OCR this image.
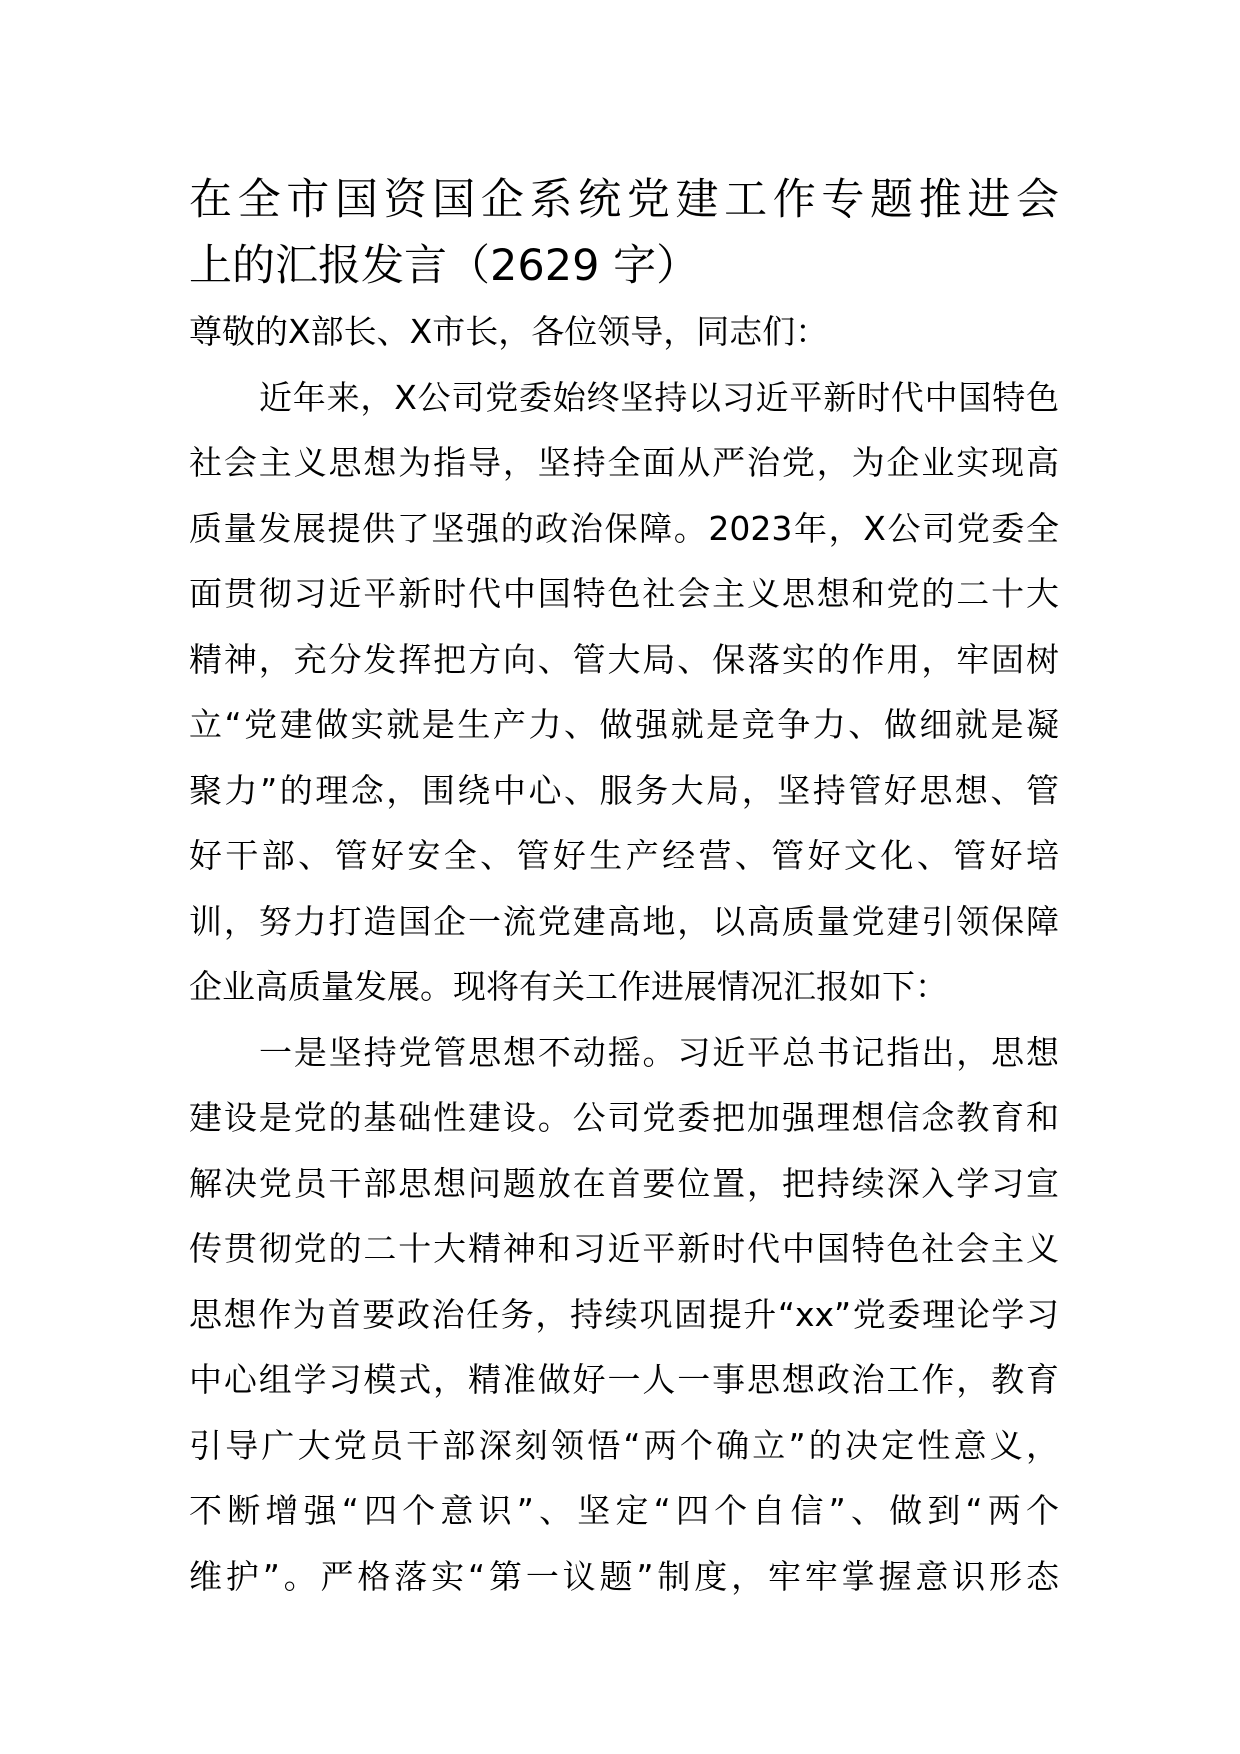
在全市国资国企系统党建工作专题推进会
上的汇报发言（2629 字）
尊敬的X部长、X市长，各位领导，同志们：
近年来，X公司党委始终坚持以习近平新时代中国特色
社会主义思想为指导，坚持全面从严治党，为企业实现高
质量发展提供了坚强的政治保障。2023年，X公司党委全
面贯彻习近平新时代中国特色社会主义思想和党的二十大
精神，充分发挥把方向、管大局、保落实的作用，牢固树
立“党建做实就是生产力、做强就是竞争力、做细就是凝
聚力”的理念，围绕中心、服务大局，坚持管好思想、管
好干部、管好安全、管好生产经营、管好文化、管好培
训，努力打造国企一流党建高地，以高质量党建引领保障
企业高质量发展。现将有关工作进展情况汇报如下：
一是坚持党管思想不动摇。习近平总书记指出，思想
建设是党的基础性建设。公司党委把加强理想信念教育和
解决党员干部思想问题放在首要位置，把持续深入学习宣
传贯彻党的二十大精神和习近平新时代中国特色社会主义
思想作为首要政治任务，持续巩固提升“xx”党委理论学习
中心组学习模式，精准做好一人一事思想政治工作，教育
引导广大党员干部深刻领悟“两个确立”的决定性意义，
不断增强“四个意识”、坚定“四个自信”、做到“两个
维护”。严格落实“第一议题”制度，牢牢掌握意识形态
